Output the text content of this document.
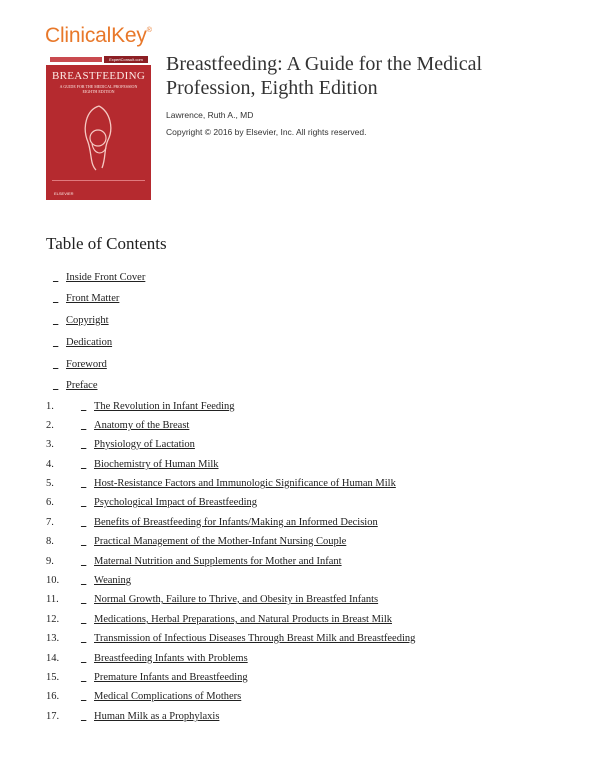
ClinicalKey®
ExpertConsult.com
BREASTFEEDING
A GUIDE FOR THE MEDICAL PROFESSION
EIGHTH EDITION
ELSEVIER
Breastfeeding: A Guide for the Medical Profession, Eighth Edition
Lawrence, Ruth A., MD
Copyright © 2016 by Elsevier, Inc. All rights reserved.
Table of Contents
_ Inside Front Cover
_ Front Matter
_ Copyright
_ Dedication
_ Foreword
_ Preface
1.	_ The Revolution in Infant Feeding
2.	_ Anatomy of the Breast
3.	_ Physiology of Lactation
4.	_ Biochemistry of Human Milk
5.	_ Host-Resistance Factors and Immunologic Significance of Human Milk
6.	_ Psychological Impact of Breastfeeding
7.	_ Benefits of Breastfeeding for Infants/Making an Informed Decision
8.	_ Practical Management of the Mother-Infant Nursing Couple
9.	_ Maternal Nutrition and Supplements for Mother and Infant
10.	_ Weaning
11.	_ Normal Growth, Failure to Thrive, and Obesity in Breastfed Infants
12.	_ Medications, Herbal Preparations, and Natural Products in Breast Milk
13.	_ Transmission of Infectious Diseases Through Breast Milk and Breastfeeding
14.	_ Breastfeeding Infants with Problems
15.	_ Premature Infants and Breastfeeding
16.	_ Medical Complications of Mothers
17.	_ Human Milk as a Prophylaxis
